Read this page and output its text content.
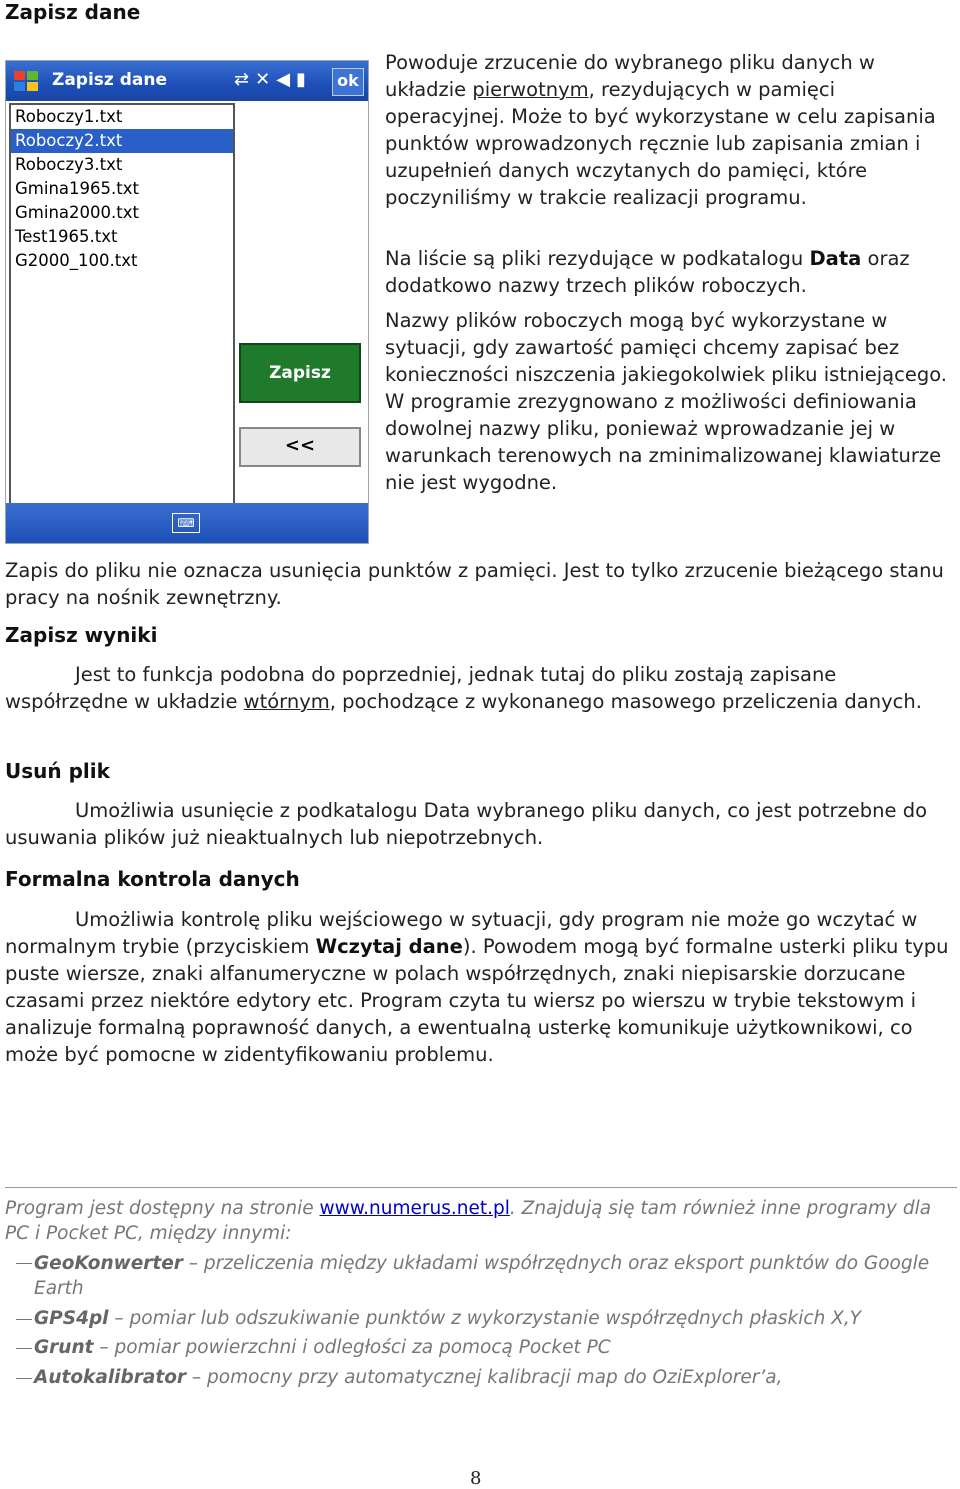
Zapisz dane
Zapisz dane	⇄✕◀▮	ok
Roboczy1.txt
Roboczy2.txt
Roboczy3.txt
Gmina1965.txt
Gmina2000.txt
Test1965.txt
G2000_100.txt
Zapisz
<<
⌨
Powoduje zrzucenie do wybranego pliku danych w układzie pierwotnym, rezydujących w pamięci operacyjnej. Może to być wykorzystane w celu zapisania punktów wprowadzonych ręcznie lub zapisania zmian i uzupełnień danych wczytanych do pamięci, które poczyniliśmy w trakcie realizacji programu.
Na liście są pliki rezydujące w podkatalogu Data oraz dodatkowo nazwy trzech plików roboczych.
Nazwy plików roboczych mogą być wykorzystane w sytuacji, gdy zawartość pamięci chcemy zapisać bez konieczności niszczenia jakiegokolwiek pliku istniejącego. W programie zrezygnowano z możliwości definiowania dowolnej nazwy pliku, ponieważ wprowadzanie jej w warunkach terenowych na zminimalizowanej klawiaturze nie jest wygodne.
Zapis do pliku nie oznacza usunięcia punktów z pamięci. Jest to tylko zrzucenie bieżącego stanu pracy na nośnik zewnętrzny.
Zapisz wyniki
Jest to funkcja podobna do poprzedniej, jednak tutaj do pliku zostają zapisane współrzędne w układzie wtórnym, pochodzące z wykonanego masowego przeliczenia danych.
Usuń plik
Umożliwia usunięcie z podkatalogu Data wybranego pliku danych, co jest potrzebne do usuwania plików już nieaktualnych lub niepotrzebnych.
Formalna kontrola danych
Umożliwia kontrolę pliku wejściowego w sytuacji, gdy program nie może go wczytać w normalnym trybie (przyciskiem Wczytaj dane). Powodem mogą być formalne usterki pliku typu puste wiersze, znaki alfanumeryczne w polach współrzędnych, znaki niepisarskie dorzucane czasami przez niektóre edytory etc. Program czyta tu wiersz po wierszu w trybie tekstowym i analizuje formalną poprawność danych, a ewentualną usterkę komunikuje użytkownikowi, co może być pomocne w zidentyfikowaniu problemu.
Program jest dostępny na stronie www.numerus.net.pl. Znajdują się tam również inne programy dla PC i Pocket PC, między innymi:
GeoKonwerter – przeliczenia między układami współrzędnych oraz eksport punktów do Google Earth
GPS4pl – pomiar lub odszukiwanie punktów z wykorzystanie współrzędnych płaskich X,Y
Grunt – pomiar powierzchni i odległości za pomocą Pocket PC
Autokalibrator – pomocny przy automatycznej kalibracji map do OziExplorer’a,
8
